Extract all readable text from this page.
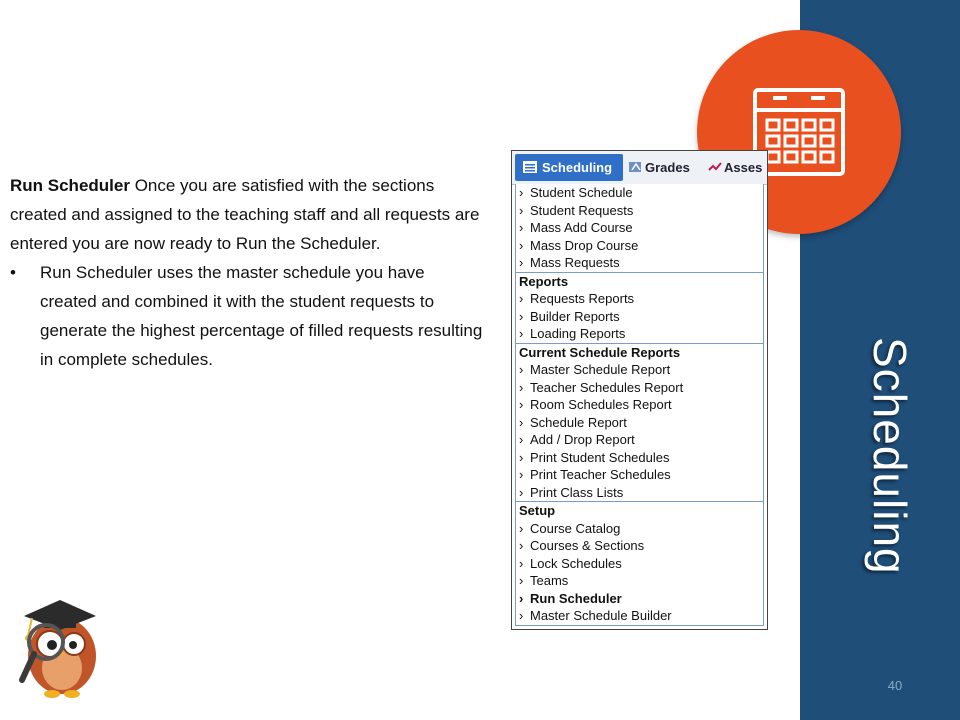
Scheduling
40

Run Scheduler Once you are satisfied with the sections created and assigned to the teaching staff and all requests are entered you are now ready to Run the Scheduler.

• Run Scheduler uses the master schedule you have created and combined it with the student requests to generate the highest percentage of filled requests resulting in complete schedules.

Scheduling	Grades	Asses
› Student Schedule
› Student Requests
› Mass Add Course
› Mass Drop Course
› Mass Requests
Reports
› Requests Reports
› Builder Reports
› Loading Reports
Current Schedule Reports
› Master Schedule Report
› Teacher Schedules Report
› Room Schedules Report
› Schedule Report
› Add / Drop Report
› Print Student Schedules
› Print Teacher Schedules
› Print Class Lists
Setup
› Course Catalog
› Courses & Sections
› Lock Schedules
› Teams
› Run Scheduler
› Master Schedule Builder
